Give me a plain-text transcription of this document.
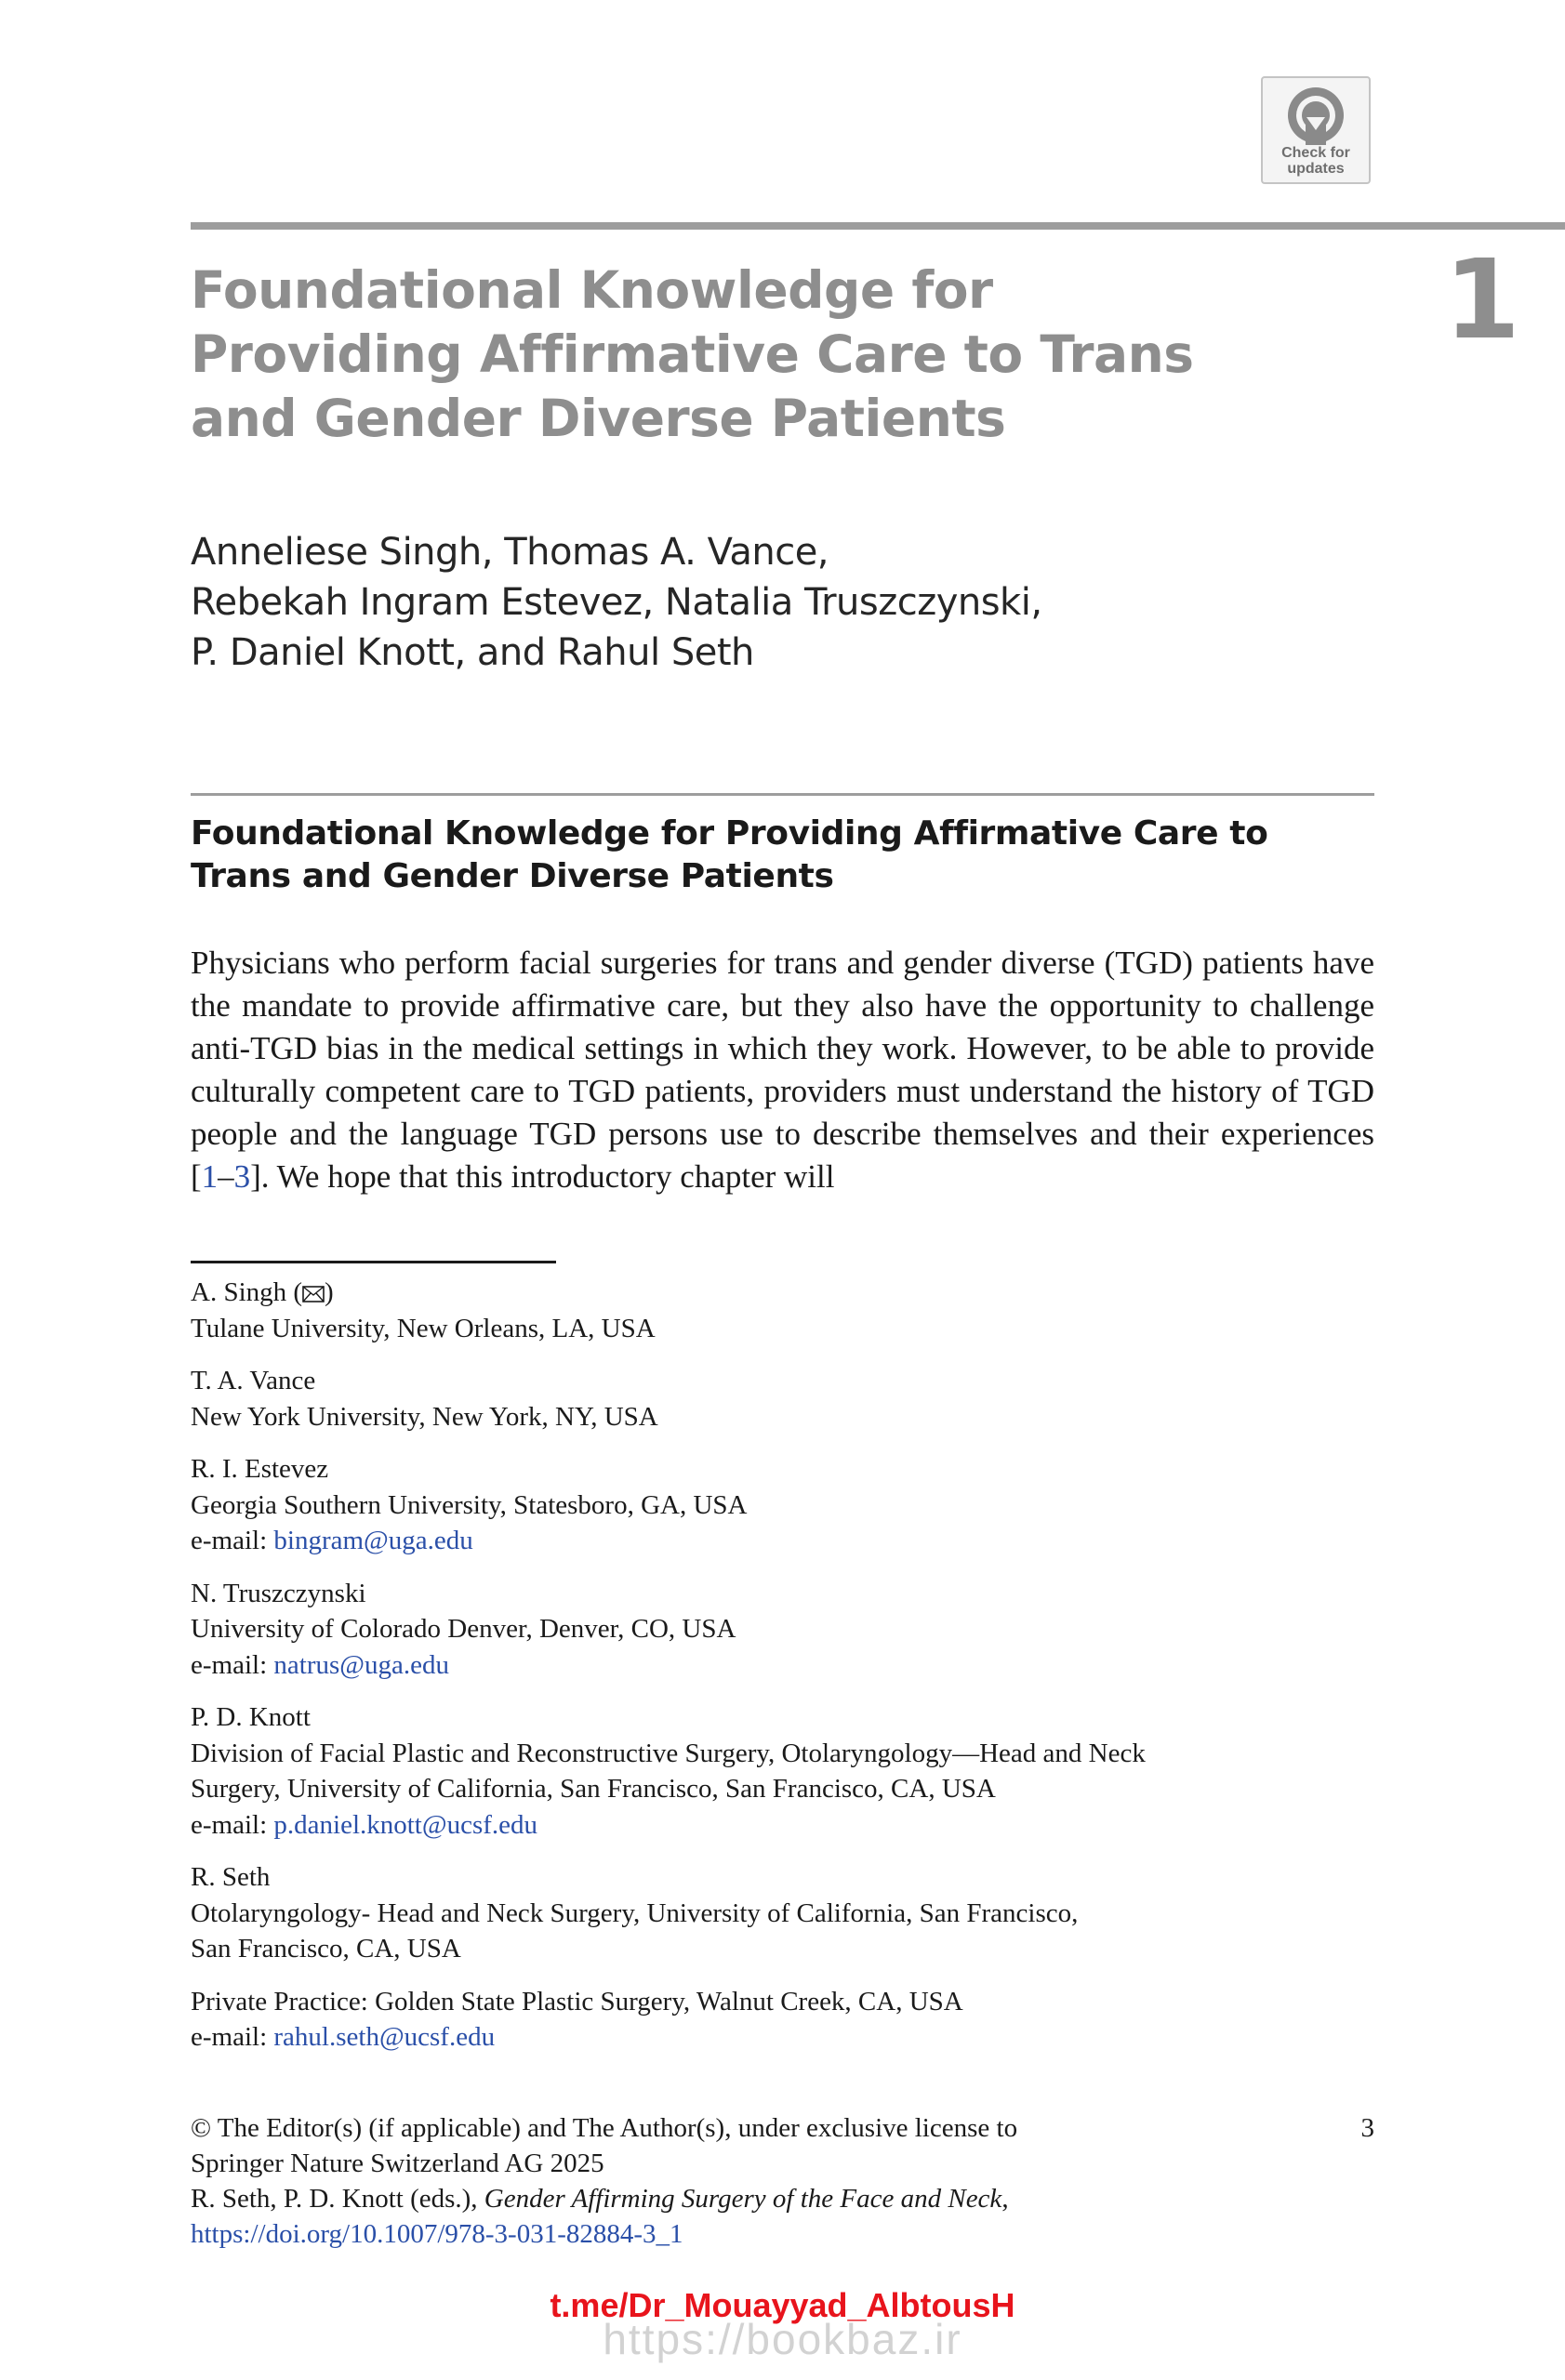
Check for
updates
Foundational Knowledge for Providing Affirmative Care to Trans and Gender Diverse Patients
1
Anneliese Singh, Thomas A. Vance,
Rebekah Ingram Estevez, Natalia Truszczynski,
P. Daniel Knott, and Rahul Seth
Foundational Knowledge for Providing Affirmative Care to Trans and Gender Diverse Patients

Physicians who perform facial surgeries for trans and gender diverse (TGD) patients have the mandate to provide affirmative care, but they also have the opportunity to challenge anti-TGD bias in the medical settings in which they work. However, to be able to provide culturally competent care to TGD patients, providers must understand the history of TGD people and the language TGD persons use to describe themselves and their experiences [1–3]. We hope that this introductory chapter will

A. Singh ( )
Tulane University, New Orleans, LA, USA
T. A. Vance
New York University, New York, NY, USA
R. I. Estevez
Georgia Southern University, Statesboro, GA, USA
e-mail: bingram@uga.edu
N. Truszczynski
University of Colorado Denver, Denver, CO, USA
e-mail: natrus@uga.edu
P. D. Knott
Division of Facial Plastic and Reconstructive Surgery, Otolaryngology—Head and Neck
Surgery, University of California, San Francisco, San Francisco, CA, USA
e-mail: p.daniel.knott@ucsf.edu
R. Seth
Otolaryngology- Head and Neck Surgery, University of California, San Francisco,
San Francisco, CA, USA
Private Practice: Golden State Plastic Surgery, Walnut Creek, CA, USA
e-mail: rahul.seth@ucsf.edu
© The Editor(s) (if applicable) and The Author(s), under exclusive license to
Springer Nature Switzerland AG 2025
R. Seth, P. D. Knott (eds.), Gender Affirming Surgery of the Face and Neck,
https://doi.org/10.1007/978-3-031-82884-3_1
3
t.me/Dr_Mouayyad_AlbtousH
https://bookbaz.ir
